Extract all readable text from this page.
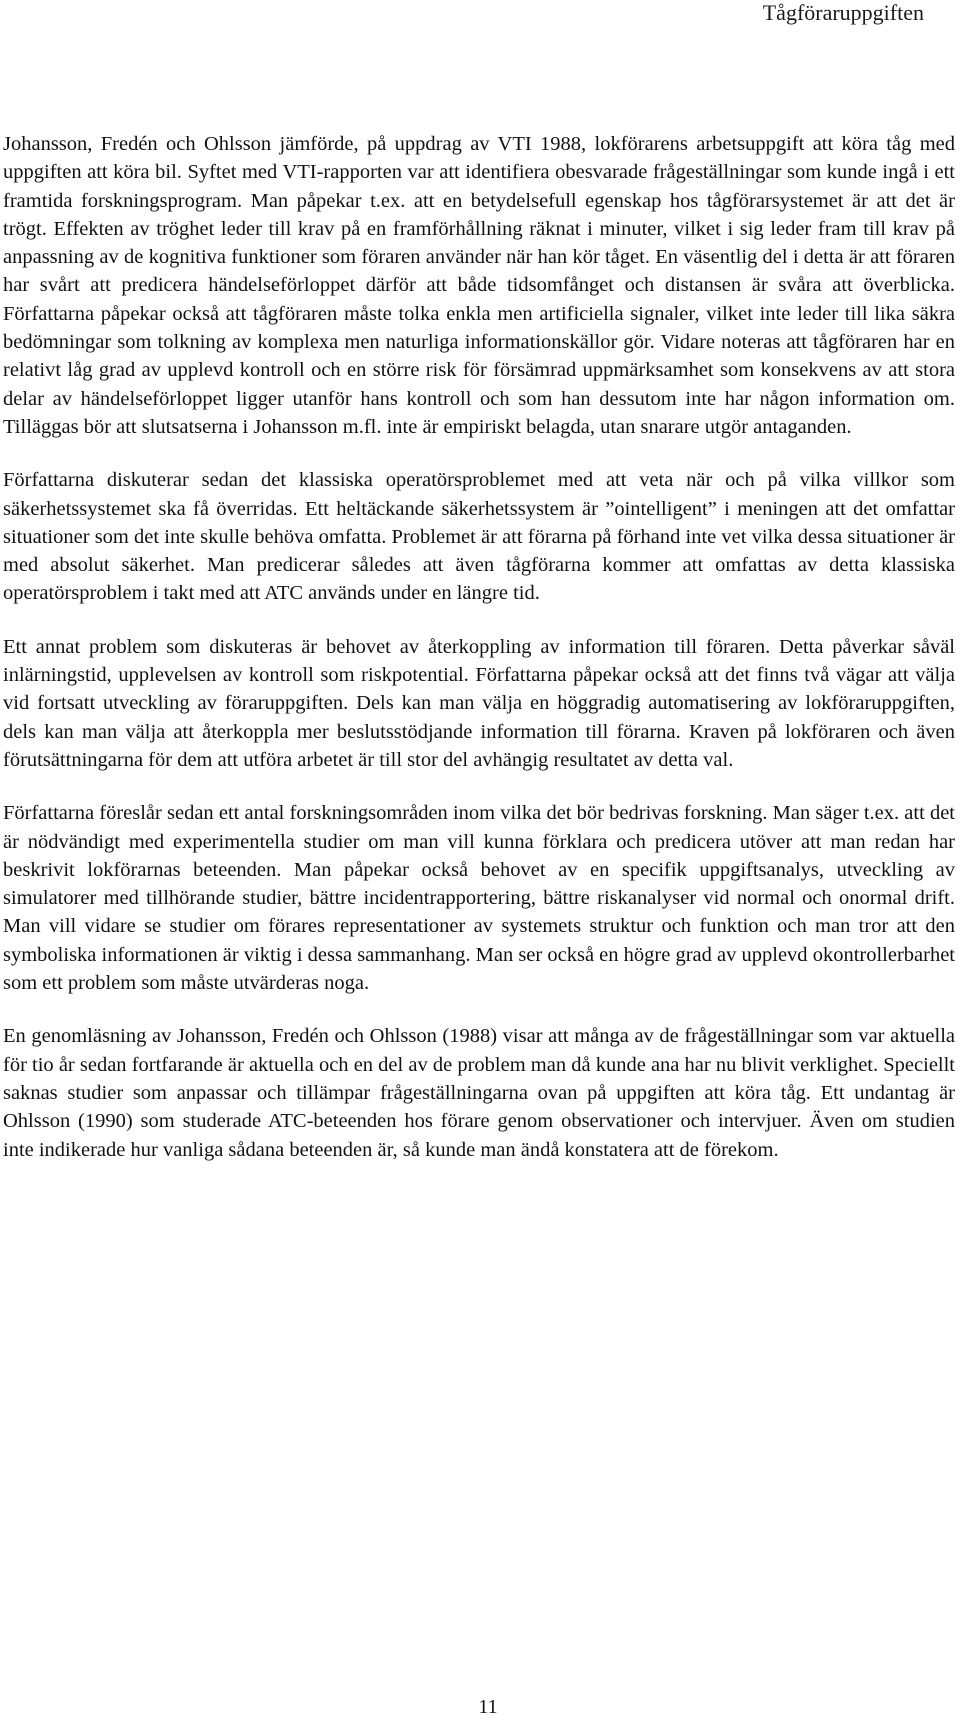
Tågföraruppgiften

Johansson, Fredén och Ohlsson jämförde, på uppdrag av VTI 1988, lokförarens arbetsuppgift att köra tåg med uppgiften att köra bil. Syftet med VTI-rapporten var att identifiera obesvarade frågeställningar som kunde ingå i ett framtida forskningsprogram. Man påpekar t.ex. att en betydelsefull egenskap hos tågförarsystemet är att det är trögt. Effekten av tröghet leder till krav på en framförhållning räknat i minuter, vilket i sig leder fram till krav på anpassning av de kognitiva funktioner som föraren använder när han kör tåget. En väsentlig del i detta är att föraren har svårt att predicera händelseförloppet därför att både tidsomfånget och distansen är svåra att överblicka. Författarna påpekar också att tågföraren måste tolka enkla men artificiella signaler, vilket inte leder till lika säkra bedömningar som tolkning av komplexa men naturliga informationskällor gör. Vidare noteras att tågföraren har en relativt låg grad av upplevd kontroll och en större risk för försämrad uppmärksamhet som konsekvens av att stora delar av händelseförloppet ligger utanför hans kontroll och som han dessutom inte har någon information om. Tilläggas bör att slutsatserna i Johansson m.fl. inte är empiriskt belagda, utan snarare utgör antaganden.

Författarna diskuterar sedan det klassiska operatörsproblemet med att veta när och på vilka villkor som säkerhetssystemet ska få överridas. Ett heltäckande säkerhetssystem är ”ointelligent” i meningen att det omfattar situationer som det inte skulle behöva omfatta. Problemet är att förarna på förhand inte vet vilka dessa situationer är med absolut säkerhet. Man predicerar således att även tågförarna kommer att omfattas av detta klassiska operatörsproblem i takt med att ATC används under en längre tid.

Ett annat problem som diskuteras är behovet av återkoppling av information till föraren. Detta påverkar såväl inlärningstid, upplevelsen av kontroll som riskpotential. Författarna påpekar också att det finns två vägar att välja vid fortsatt utveckling av föraruppgiften. Dels kan man välja en höggradig automatisering av lokföraruppgiften, dels kan man välja att återkoppla mer beslutsstödjande information till förarna. Kraven på lokföraren och även förutsättningarna för dem att utföra arbetet är till stor del avhängig resultatet av detta val.

Författarna föreslår sedan ett antal forskningsområden inom vilka det bör bedrivas forskning. Man säger t.ex. att det är nödvändigt med experimentella studier om man vill kunna förklara och predicera utöver att man redan har beskrivit lokförarnas beteenden. Man påpekar också behovet av en specifik uppgiftsanalys, utveckling av simulatorer med tillhörande studier, bättre incidentrapportering, bättre riskanalyser vid normal och onormal drift. Man vill vidare se studier om förares representationer av systemets struktur och funktion och man tror att den symboliska informationen är viktig i dessa sammanhang. Man ser också en högre grad av upplevd okontrollerbarhet som ett problem som måste utvärderas noga.

En genomläsning av Johansson, Fredén och Ohlsson (1988) visar att många av de frågeställningar som var aktuella för tio år sedan fortfarande är aktuella och en del av de problem man då kunde ana har nu blivit verklighet. Speciellt saknas studier som anpassar och tillämpar frågeställningarna ovan på uppgiften att köra tåg. Ett undantag är Ohlsson (1990) som studerade ATC-beteenden hos förare genom observationer och intervjuer. Även om studien inte indikerade hur vanliga sådana beteenden är, så kunde man ändå konstatera att de förekom.

11
